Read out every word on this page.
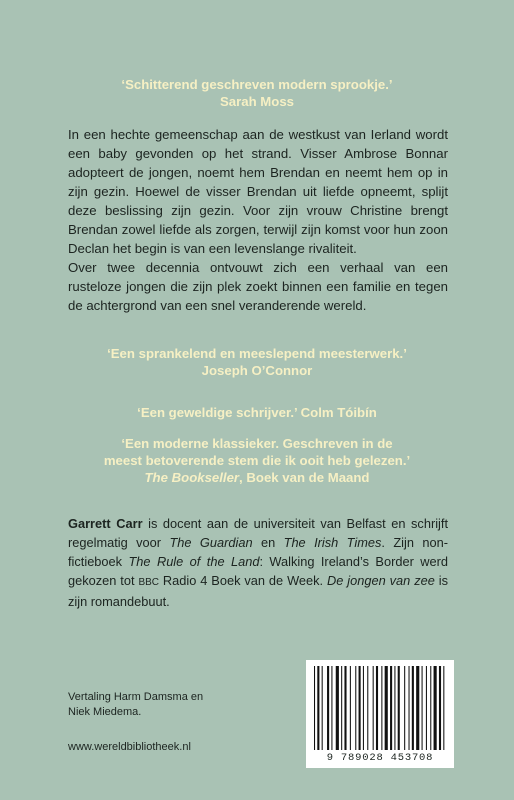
‘Schitterend geschreven modern sprookje.’
Sarah Moss

In een hechte gemeenschap aan de westkust van Ierland wordt een baby gevonden op het strand. Visser Ambrose Bonnar adopteert de jongen, noemt hem Brendan en neemt hem op in zijn gezin. Hoewel de visser Brendan uit liefde opneemt, splijt deze beslissing zijn gezin. Voor zijn vrouw Christine brengt Brendan zowel liefde als zorgen, terwijl zijn komst voor hun zoon Declan het begin is van een levenslange rivaliteit.

Over twee decennia ontvouwt zich een verhaal van een rusteloze jongen die zijn plek zoekt binnen een familie en tegen de achtergrond van een snel veranderende wereld.

‘Een sprankelend en meeslepend meesterwerk.’
Joseph O’Connor
‘Een geweldige schrijver.’ Colm Tóibín
‘Een moderne klassieker. Geschreven in de
meest betoverende stem die ik ooit heb gelezen.’
The Bookseller, Boek van de Maand
Garrett Carr is docent aan de universiteit van Belfast en schrijft regelmatig voor The Guardian en The Irish Times. Zijn non-fictieboek The Rule of the Land: Walking Ireland’s Border werd gekozen tot BBC Radio 4 Boek van de Week. De jongen van zee is zijn romandebuut.
Vertaling Harm Damsma en
Niek Miedema.
www.wereldbibliotheek.nl
9 789028 453708
